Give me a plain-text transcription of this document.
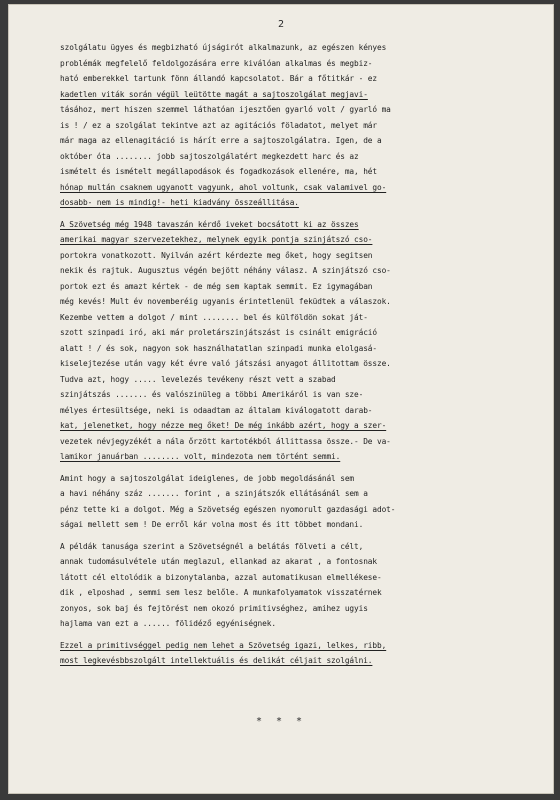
2
szolgálatu ügyes és megbizható újságirót alkalmazunk, az egészen kényes
problémák megfelelő feldolgozására erre kiválóan alkalmas és megbiz-
ható emberekkel tartunk fönn állandó kapcsolatot. Bár a főtitkár - ez
kadetlen viták során végül leütötte magát a sajtoszolgálat megjavi-
tásához, mert hiszen szemmel láthatóan ijesztően gyarló volt / gyarló ma
is ! / ez a szolgálat tekintve azt az agitációs föladatot, melyet már
már maga az ellenagitáció is hárít erre a sajtoszolgálatra. Igen, de a
október óta ........ jobb sajtoszolgálatért megkezdett harc és az
ismételt és ismételt megállapodások és fogadkozások ellenére, ma, hét
hónap multán csaknem ugyanott vagyunk, ahol voltunk, csak valamivel go-
dosabb- nem is mindig!- heti kiadvány összeállitása.
A Szövetség még 1948 tavaszán kérdő iveket bocsátott ki az összes
amerikai magyar szervezetekhez, melynek egyik pontja szinjátszó cso-
portokra vonatkozott. Nyilván azért kérdezte meg őket, hogy segitsen
nekik és rajtuk. Augusztus végén bejött néhány válasz. A szinjátszó cso-
portok ezt és amazt kértek - de még sem kaptak semmit. Ez igymagában
még kevés! Mult év novemberéig ugyanis érintetlenül feküdtek a válaszok.
Kezembe vettem a dolgot / mint ........ bel és külföldön sokat ját-
szott szinpadi iró, aki már proletárszinjátszást is csinált emigráció
alatt ! / és sok, nagyon sok használhatatlan szinpadi munka elolgasá-
kiselejtezése után vagy két évre való játszási anyagot állitottam össze.
Tudva azt, hogy ..... levelezés tevékeny részt vett a szabad
szinjátszás ....... és valószinüleg a többi Amerikáról is van sze-
mélyes értesültsége, neki is odaadtam az általam kiválogatott darab-
kat, jelenetket, hogy nézze meg őket! De még inkább azért, hogy a szer-
vezetek névjegyzékét a nála őrzött kartotékból állittassa össze.- De va-
lamikor januárban ........ volt, mindezota nem történt semmi.
Amint hogy a sajtoszolgálat ideiglenes, de jobb megoldásánál sem
a havi néhány száz ....... forint , a szinjátszók ellátásánál sem a
pénz tette ki a dolgot. Még a Szövetség egészen nyomorult gazdasági adot-
ságai mellett sem ! De erről kár volna most és itt többet mondani.
A példák tanusága szerint a Szövetségnél a belátás fölveti a célt,
annak tudomásulvétele után meglazul, ellankad az akarat , a fontosnak
látott cél eltolódik a bizonytalanba, azzal automatikusan elmellékese-
dik , elposhad , semmi sem lesz belőle. A munkafolyamatok visszatérnek
zonyos, sok baj és fejtörést nem okozó primitivséghez, amihez ugyis
hajlama van ezt a ...... fölidéző egyéniségnek.
Ezzel a primitivséggel pedig nem lehet a Szövetség igazi, lelkes, ribb,
most legkevésbbszolgált intellektuális és delikát céljait szolgálni.
* * *
